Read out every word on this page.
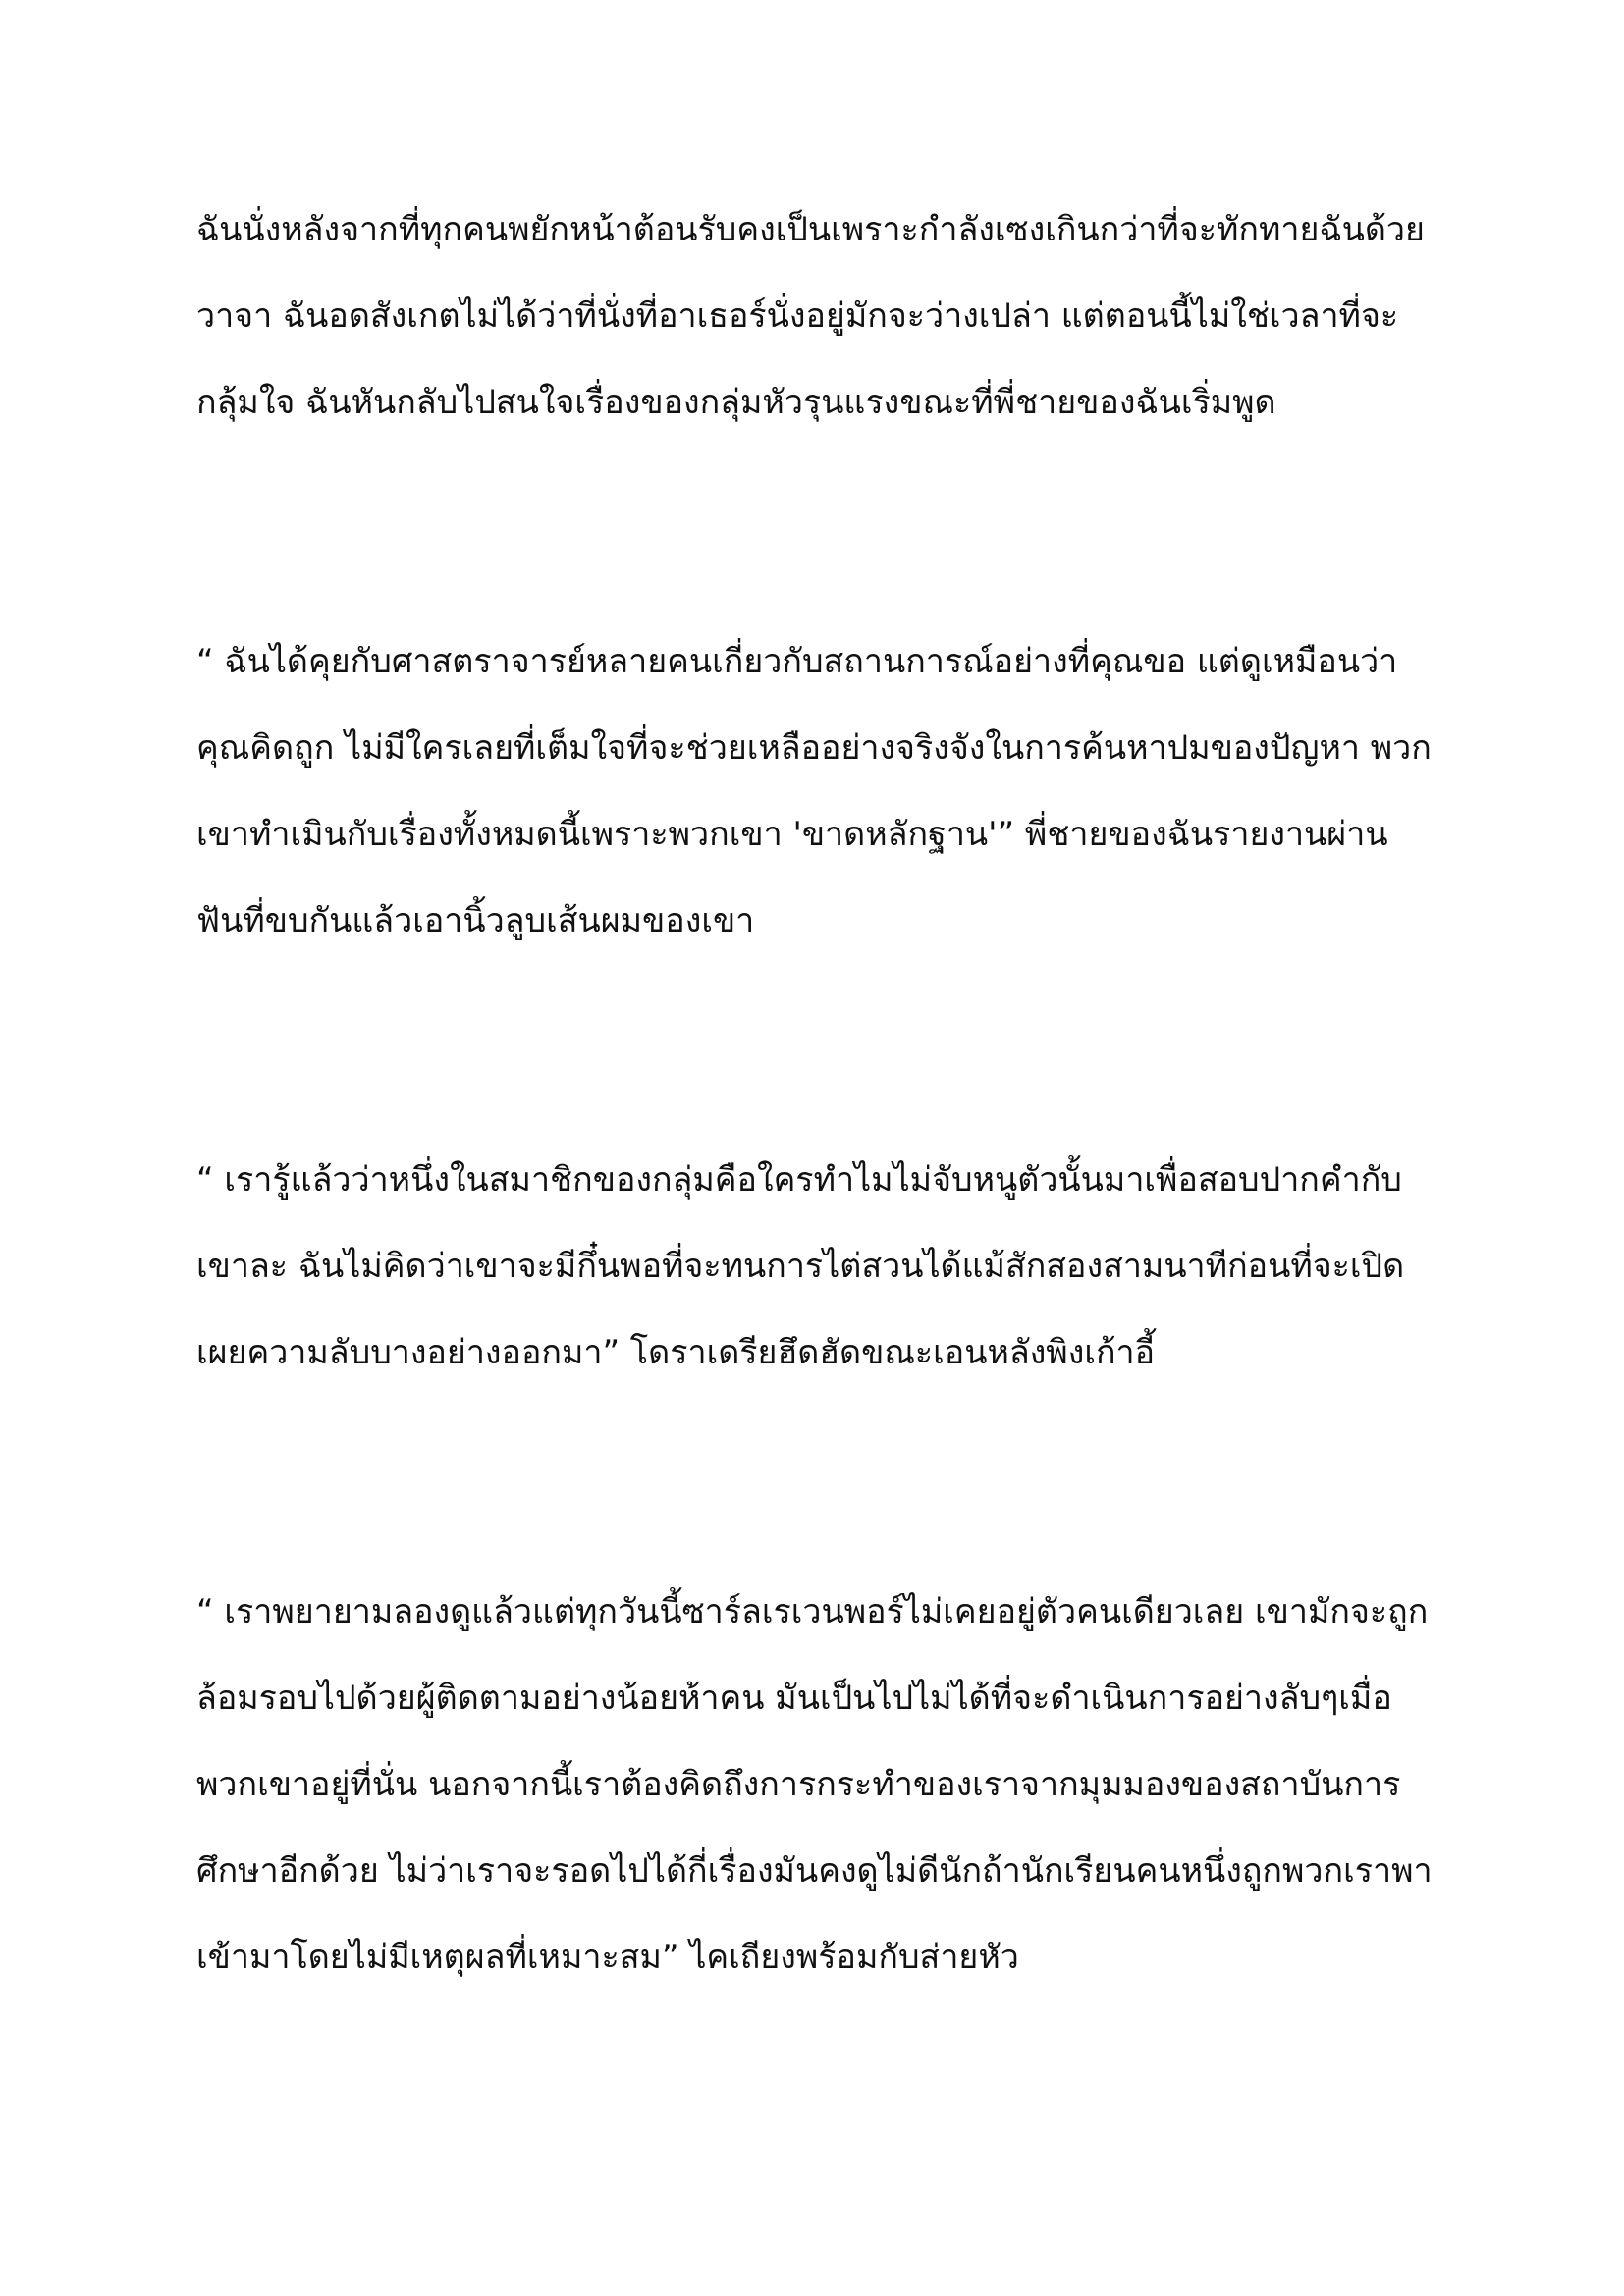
ฉันนั่งหลังจากที่ทุกคนพยักหน้าต้อนรับคงเป็นเพราะกำลังเซงเกินกว่าที่จะทักทายฉันด้วยวาจา ฉันอดสังเกตไม่ได้ว่าที่นั่งที่อาเธอร์นั่งอยู่มักจะว่างเปล่า แต่ตอนนี้ไม่ใช่เวลาที่จะกลุ้มใจ ฉันหันกลับไปสนใจเรื่องของกลุ่มหัวรุนแรงขณะที่พี่ชายของฉันเริ่มพูด

“ ฉันได้คุยกับศาสตราจารย์หลายคนเกี่ยวกับสถานการณ์อย่างที่คุณขอ แต่ดูเหมือนว่าคุณคิดถูก ไม่มีใครเลยที่เต็มใจที่จะช่วยเหลืออย่างจริงจังในการค้นหาปมของปัญหา พวกเขาทำเมินกับเรื่องทั้งหมดนี้เพราะพวกเขา 'ขาดหลักฐาน'” พี่ชายของฉันรายงานผ่านฟันที่ขบกันแล้วเอานิ้วลูบเส้นผมของเขา

“ เรารู้แล้วว่าหนึ่งในสมาชิกของกลุ่มคือใครทำไมไม่จับหนูตัวนั้นมาเพื่อสอบปากคำกับเขาละ ฉันไม่คิดว่าเขาจะมีกึ๋นพอที่จะทนการไต่สวนได้แม้สักสองสามนาทีก่อนที่จะเปิดเผยความลับบางอย่างออกมา” โดราเดรียฮึดฮัดขณะเอนหลังพิงเก้าอี้

“ เราพยายามลองดูแล้วแต่ทุกวันนี้ซาร์ลเรเวนพอร์ไม่เคยอยู่ตัวคนเดียวเลย เขามักจะถูกล้อมรอบไปด้วยผู้ติดตามอย่างน้อยห้าคน มันเป็นไปไม่ได้ที่จะดำเนินการอย่างลับๆเมื่อพวกเขาอยู่ที่นั่น นอกจากนี้เราต้องคิดถึงการกระทำของเราจากมุมมองของสถาบันการศึกษาอีกด้วย ไม่ว่าเราจะรอดไปได้กี่เรื่องมันคงดูไม่ดีนักถ้านักเรียนคนหนึ่งถูกพวกเราพาเข้ามาโดยไม่มีเหตุผลที่เหมาะสม” ไคเถียงพร้อมกับส่ายหัว
